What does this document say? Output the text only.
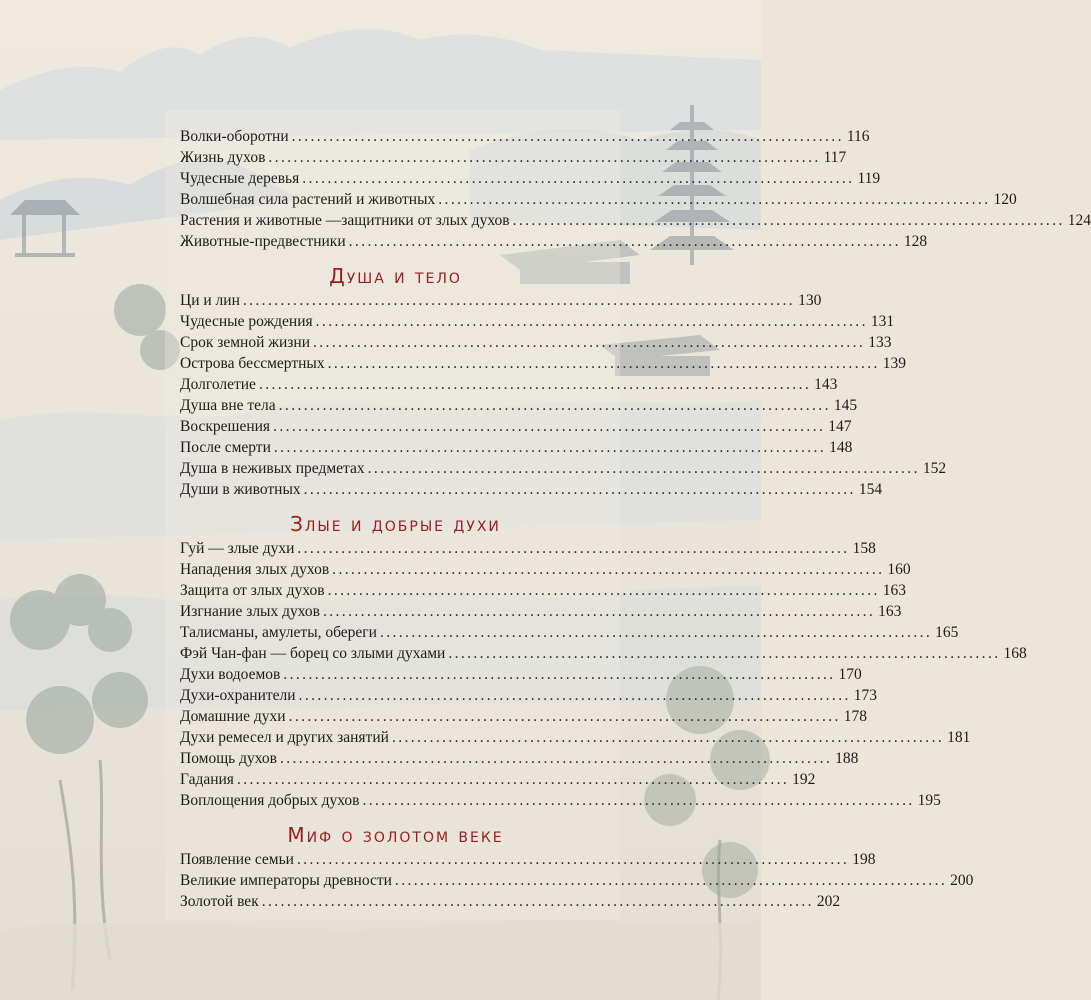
Волки-оборотни ........................................................................................ 116
Жизнь духов ........................................................................................ 117
Чудесные деревья ........................................................................................ 119
Волшебная сила растений и животных ........................................................................................ 120
Растения и животные —защитники от злых духов ........................................................................................ 124
Животные-предвестники ........................................................................................ 128
Душа и тело
Ци и лин ........................................................................................ 130
Чудесные рождения ........................................................................................ 131
Срок земной жизни ........................................................................................ 133
Острова бессмертных ........................................................................................ 139
Долголетие ........................................................................................ 143
Душа вне тела ........................................................................................ 145
Воскрешения ........................................................................................ 147
После смерти ........................................................................................ 148
Душа в неживых предметах ........................................................................................ 152
Души в животных ........................................................................................ 154
Злые и добрые духи
Гуй — злые духи ........................................................................................ 158
Нападения злых духов ........................................................................................ 160
Защита от злых духов ........................................................................................ 163
Изгнание злых духов ........................................................................................ 163
Талисманы, амулеты, обереги ........................................................................................ 165
Фэй Чан-фан — борец со злыми духами ........................................................................................ 168
Духи водоемов ........................................................................................ 170
Духи-охранители ........................................................................................ 173
Домашние духи ........................................................................................ 178
Духи ремесел и других занятий ........................................................................................ 181
Помощь духов ........................................................................................ 188
Гадания ........................................................................................ 192
Воплощения добрых духов ........................................................................................ 195
Миф о золотом веке
Появление семьи ........................................................................................ 198
Великие императоры древности ........................................................................................ 200
Золотой век ........................................................................................ 202
